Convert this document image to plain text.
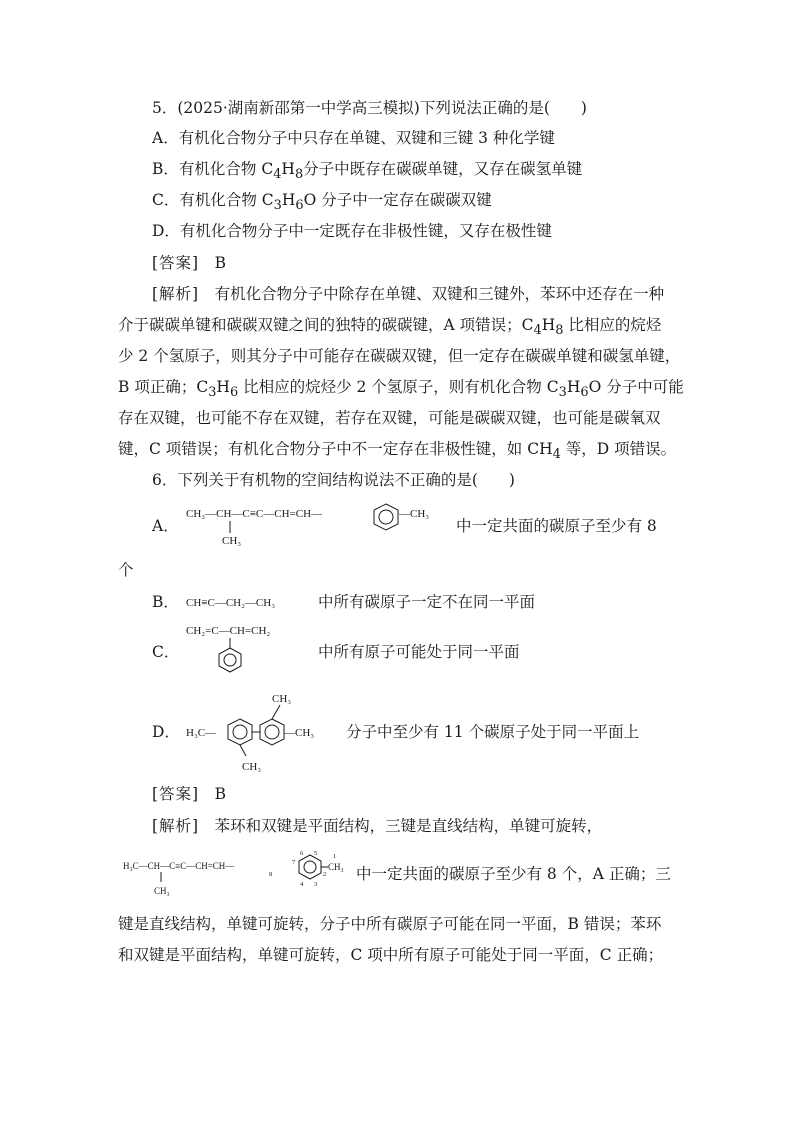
5．(2025·湖南新邵第一中学高三模拟)下列说法正确的是(　　)
A．有机化合物分子中只存在单键、双键和三键 3 种化学键
B．有机化合物 $C_4H_8$分子中既存在碳碳单键，又存在碳氢单键
C．有机化合物 $C_3H_6O$ 分子中一定存在碳碳双键
D．有机化合物分子中一定既存在非极性键，又存在极性键
[答案]　 B
[解析]　 有机化合物分子中除存在单键、双键和三键外，苯环中还存在一种
介于碳碳单键和碳碳双键之间的独特的碳碳键，A 项错误；$C_4H_8$ 比相应的烷烃
少 2 个氢原子，则其分子中可能存在碳碳双键，但一定存在碳碳单键和碳氢单键，
B 项正确；$C_3H_6$ 比相应的烷烃少 2 个氢原子，则有机化合物 $C_3H_6O$ 分子中可能
存在双键，也可能不存在双键，若存在双键，可能是碳碳双键，也可能是碳氧双
键，C 项错误；有机化合物分子中不一定存在非极性键，如 $CH_4$ 等，D 项错误。
6．下列关于有机物的空间结构说法不正确的是(　　)
A．
CH₃—CH—C≡C—CH=CH—
CH₃
—CH₃
中一定共面的碳原子至少有 8
个
B． CH≡C—CH₂—CH₃	中所有碳原子一定不在同一平面
C．
CH₂=C—CH=CH₂
中所有原子可能处于同一平面
D． H₃C—
CH₃
CH₃
—CH₃ 分子中至少有 11 个碳原子处于同一平面上
[答案]　 B
[解析]　 苯环和双键是平面结构，三键是直线结构，单键可旋转，
H₃C—CH—C≡C—CH=CH—
CH₃
8
7
6 5
4 3
2
1
CH₃ 中一定共面的碳原子至少有 8 个，A 正确；三
键是直线结构，单键可旋转，分子中所有碳原子可能在同一平面，B 错误；苯环
和双键是平面结构，单键可旋转，C 项中所有原子可能处于同一平面，C 正确；
